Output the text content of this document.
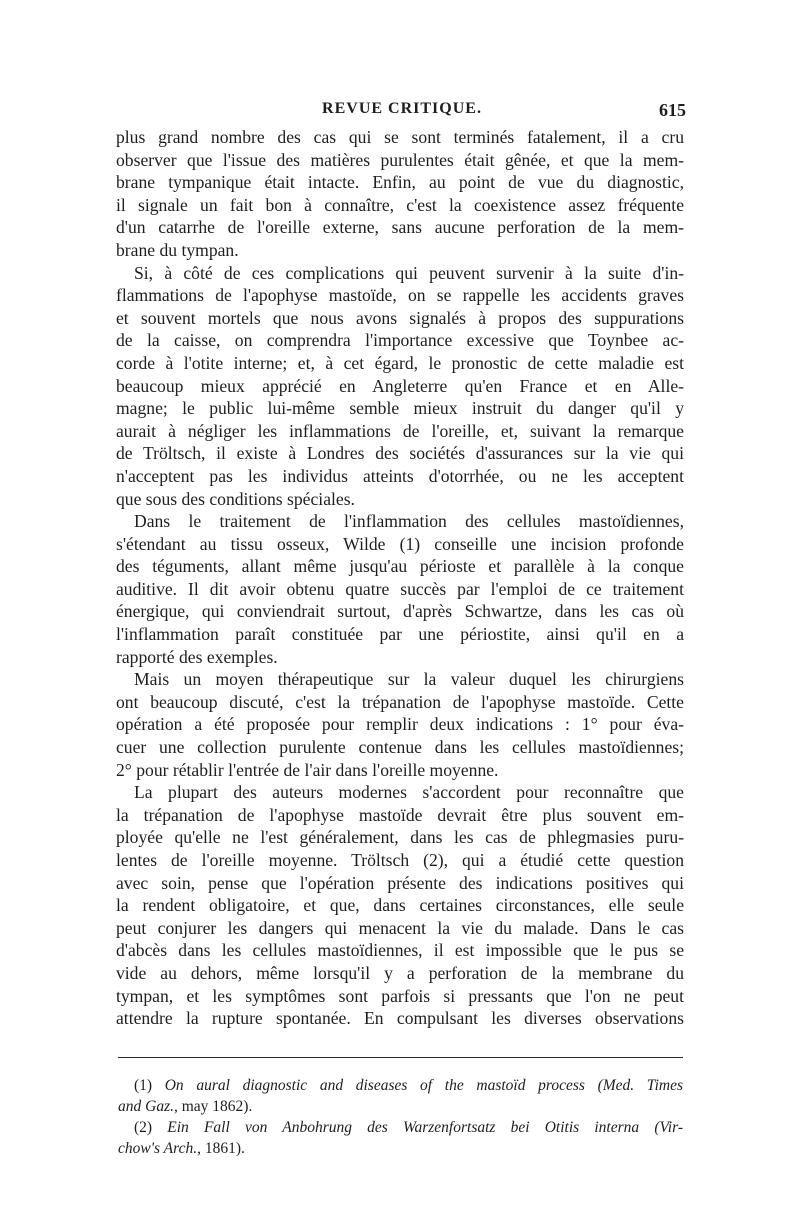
REVUE CRITIQUE.	615
plus grand nombre des cas qui se sont terminés fatalement, il a cru
observer que l'issue des matières purulentes était gênée, et que la mem-
brane tympanique était intacte. Enfin, au point de vue du diagnostic,
il signale un fait bon à connaître, c'est la coexistence assez fréquente
d'un catarrhe de l'oreille externe, sans aucune perforation de la mem-
brane du tympan.
Si, à côté de ces complications qui peuvent survenir à la suite d'in-
flammations de l'apophyse mastoïde, on se rappelle les accidents graves
et souvent mortels que nous avons signalés à propos des suppurations
de la caisse, on comprendra l'importance excessive que Toynbee ac-
corde à l'otite interne; et, à cet égard, le pronostic de cette maladie est
beaucoup mieux apprécié en Angleterre qu'en France et en Alle-
magne; le public lui-même semble mieux instruit du danger qu'il y
aurait à négliger les inflammations de l'oreille, et, suivant la remarque
de Tröltsch, il existe à Londres des sociétés d'assurances sur la vie qui
n'acceptent pas les individus atteints d'otorrhée, ou ne les acceptent
que sous des conditions spéciales.
Dans le traitement de l'inflammation des cellules mastoïdiennes,
s'étendant au tissu osseux, Wilde (1) conseille une incision profonde
des téguments, allant même jusqu'au périoste et parallèle à la conque
auditive. Il dit avoir obtenu quatre succès par l'emploi de ce traitement
énergique, qui conviendrait surtout, d'après Schwartze, dans les cas où
l'inflammation paraît constituée par une périostite, ainsi qu'il en a
rapporté des exemples.
Mais un moyen thérapeutique sur la valeur duquel les chirurgiens
ont beaucoup discuté, c'est la trépanation de l'apophyse mastoïde. Cette
opération a été proposée pour remplir deux indications : 1° pour éva-
cuer une collection purulente contenue dans les cellules mastoïdiennes;
2° pour rétablir l'entrée de l'air dans l'oreille moyenne.
La plupart des auteurs modernes s'accordent pour reconnaître que
la trépanation de l'apophyse mastoïde devrait être plus souvent em-
ployée qu'elle ne l'est généralement, dans les cas de phlegmasies puru-
lentes de l'oreille moyenne. Tröltsch (2), qui a étudié cette question
avec soin, pense que l'opération présente des indications positives qui
la rendent obligatoire, et que, dans certaines circonstances, elle seule
peut conjurer les dangers qui menacent la vie du malade. Dans le cas
d'abcès dans les cellules mastoïdiennes, il est impossible que le pus se
vide au dehors, même lorsqu'il y a perforation de la membrane du
tympan, et les symptômes sont parfois si pressants que l'on ne peut
attendre la rupture spontanée. En compulsant les diverses observations
(1) On aural diagnostic and diseases of the mastoïd process (Med. Times
and Gaz., may 1862).
(2) Ein Fall von Anbohrung des Warzenfortsatz bei Otitis interna (Vir-
chow's Arch., 1861).
